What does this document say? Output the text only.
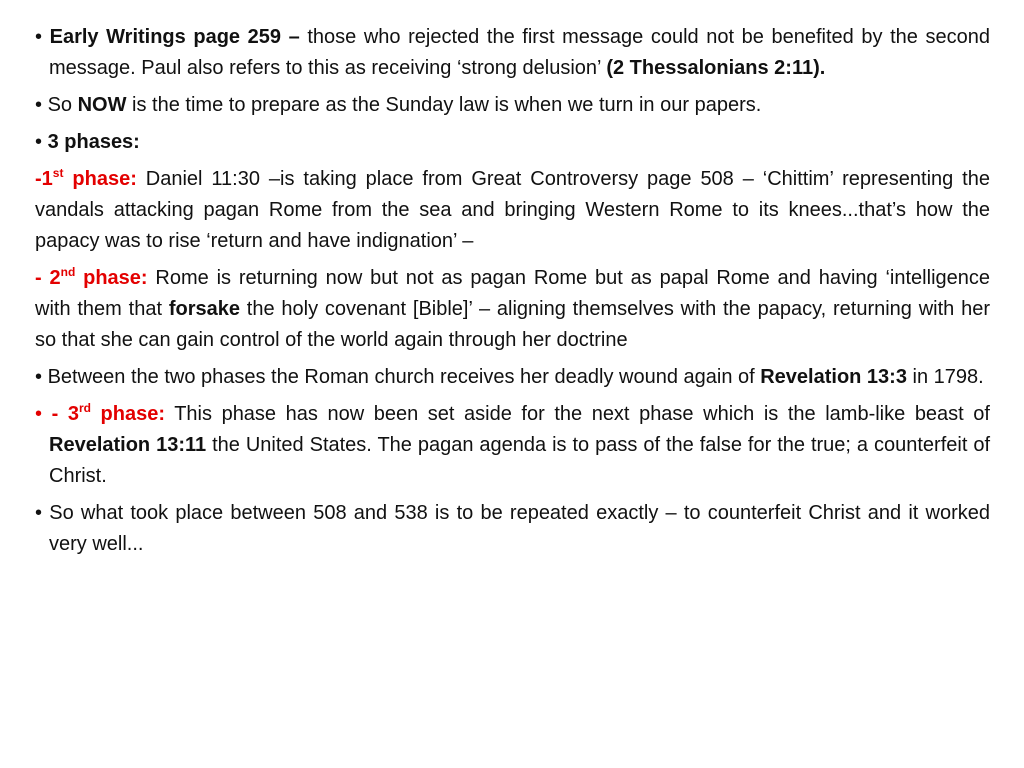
• Early Writings page 259 – those who rejected the first message could not be benefited by the second message. Paul also refers to this as receiving ‘strong delusion’ (2 Thessalonians 2:11).

• So NOW is the time to prepare as the Sunday law is when we turn in our papers.

• 3 phases:

-1st phase: Daniel 11:30 –is taking place from Great Controversy page 508 – ‘Chittim’ representing the vandals attacking pagan Rome from the sea and bringing Western Rome to its knees...that’s how the papacy was to rise ‘return and have indignation’ –

- 2nd phase: Rome is returning now but not as pagan Rome but as papal Rome and having ‘intelligence with them that forsake the holy covenant [Bible]’ – aligning themselves with the papacy, returning with her so that she can gain control of the world again through her doctrine

• Between the two phases the Roman church receives her deadly wound again of Revelation 13:3 in 1798.

• - 3rd phase: This phase has now been set aside for the next phase which is the lamb-like beast of Revelation 13:11 the United States. The pagan agenda is to pass of the false for the true; a counterfeit of Christ.

• So what took place between 508 and 538 is to be repeated exactly – to counterfeit Christ and it worked very well...
